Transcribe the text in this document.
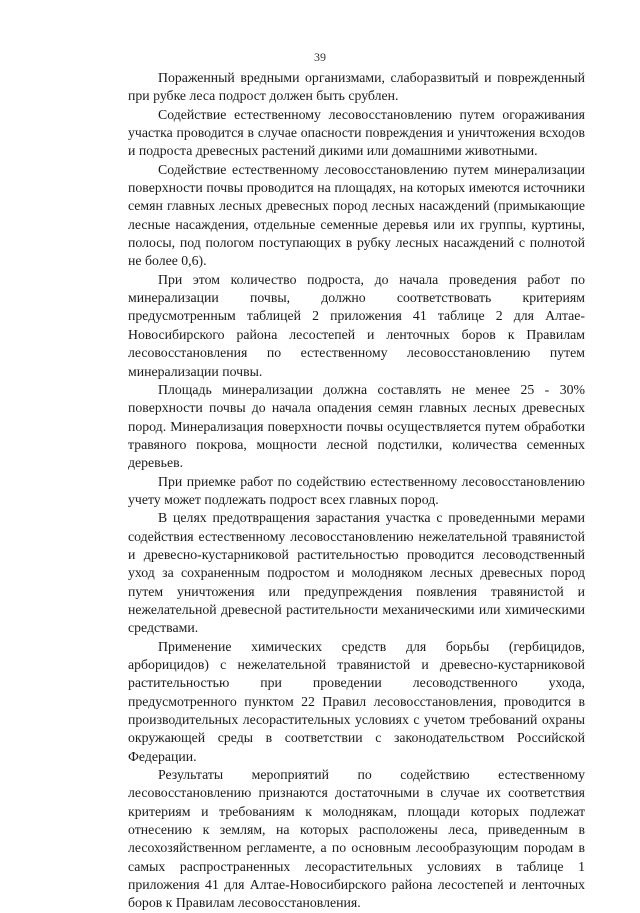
39

Пораженный вредными организмами, слаборазвитый и поврежденный при рубке леса подрост должен быть срублен.

Содействие естественному лесовосстановлению путем огораживания участка проводится в случае опасности повреждения и уничтожения всходов и подроста древесных растений дикими или домашними животными.

Содействие естественному лесовосстановлению путем минерализации поверхности почвы проводится на площадях, на которых имеются источники семян главных лесных древесных пород лесных насаждений (примыкающие лесные насаждения, отдельные семенные деревья или их группы, куртины, полосы, под пологом поступающих в рубку лесных насаждений с полнотой не более 0,6).

При этом количество подроста, до начала проведения работ по минерализации почвы, должно соответствовать критериям предусмотренным таблицей 2 приложения 41 таблице 2 для Алтае-Новосибирского района лесостепей и ленточных боров к Правилам лесовосстановления по естественному лесовосстановлению путем минерализации почвы.

Площадь минерализации должна составлять не менее 25 - 30% поверхности почвы до начала опадения семян главных лесных древесных пород. Минерализация поверхности почвы осуществляется путем обработки травяного покрова, мощности лесной подстилки, количества семенных деревьев.

При приемке работ по содействию естественному лесовосстановлению учету может подлежать подрост всех главных пород.

В целях предотвращения зарастания участка с проведенными мерами содействия естественному лесовосстановлению нежелательной травянистой и древесно-кустарниковой растительностью проводится лесоводственный уход за сохраненным подростом и молодняком лесных древесных пород путем уничтожения или предупреждения появления травянистой и нежелательной древесной растительности механическими или химическими средствами.

Применение химических средств для борьбы (гербицидов, арборицидов) с нежелательной травянистой и древесно-кустарниковой растительностью при проведении лесоводственного ухода, предусмотренного пунктом 22 Правил лесовосстановления, проводится в производительных лесорастительных условиях с учетом требований охраны окружающей среды в соответствии с законодательством Российской Федерации.

Результаты мероприятий по содействию естественному лесовосстановлению признаются достаточными в случае их соответствия критериям и требованиям к молоднякам, площади которых подлежат отнесению к землям, на которых расположены леса, приведенным в лесохозяйственном регламенте, а по основным лесообразующим породам в самых распространенных лесорастительных условиях в таблице 1 приложения 41 для Алтае-Новосибирского района лесостепей и ленточных боров к Правилам лесовосстановления.
